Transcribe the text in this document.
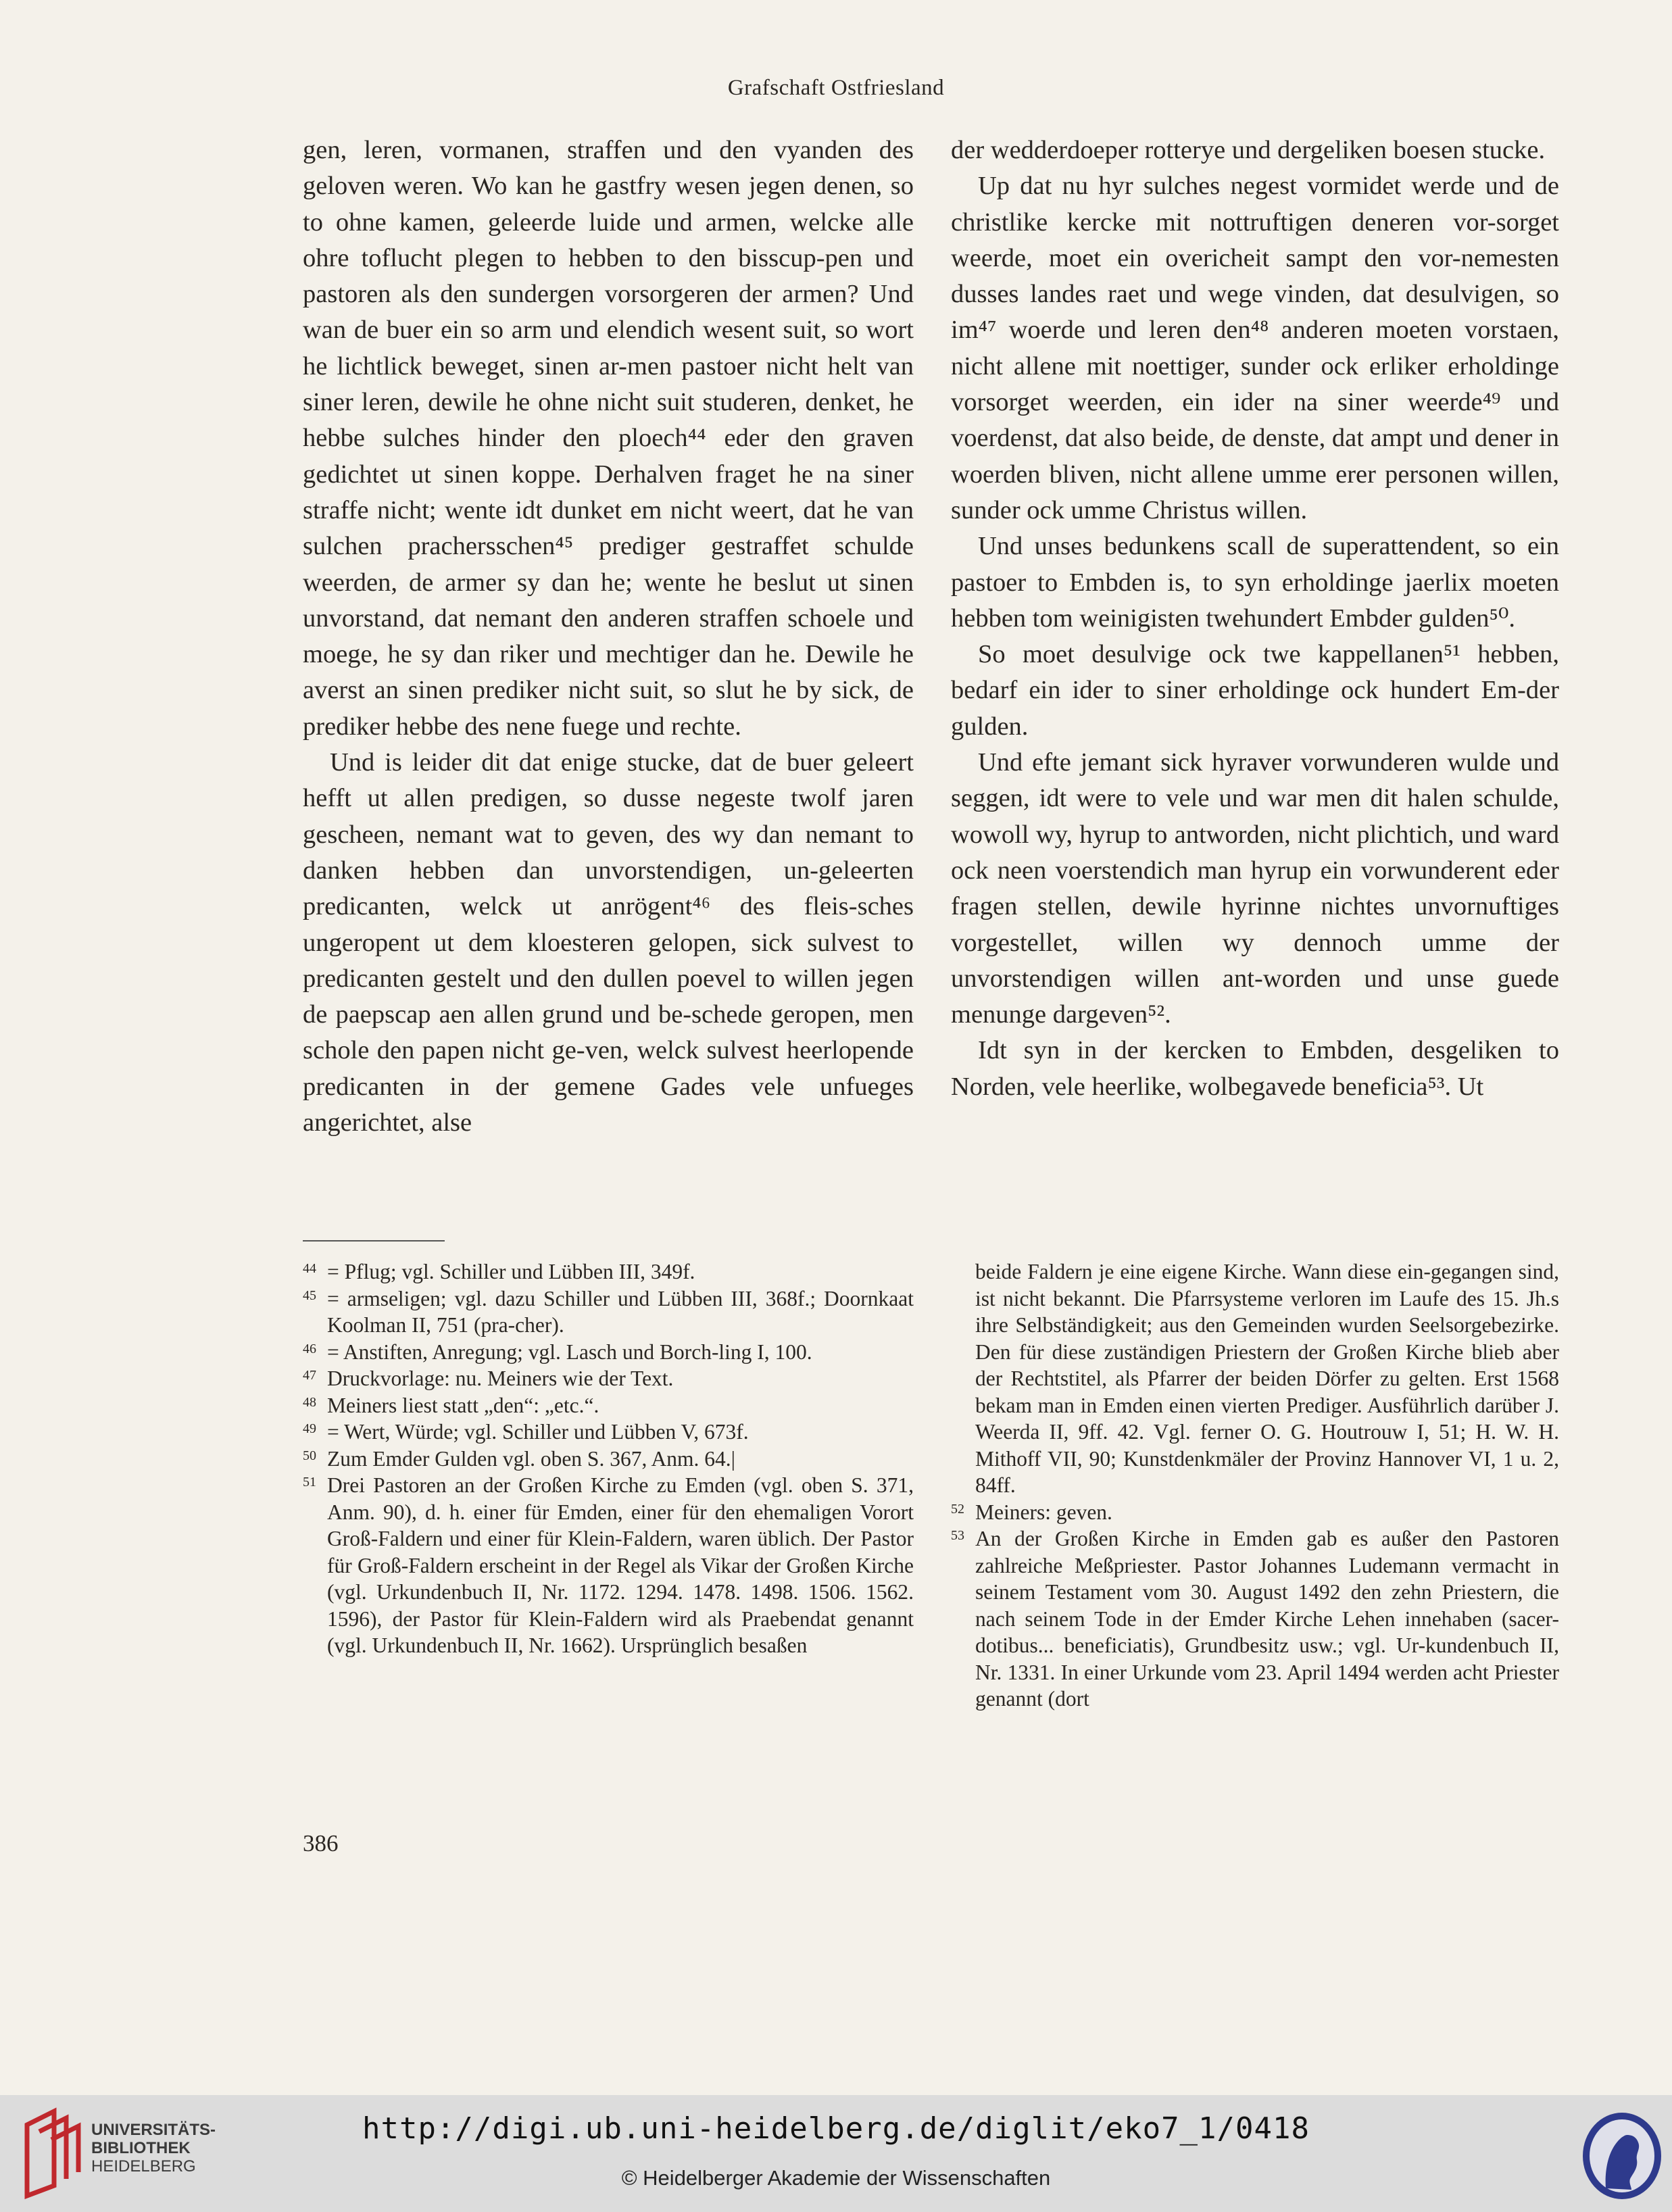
Grafschaft Ostfriesland

gen, leren, vormanen, straffen und den vyanden des geloven weren. Wo kan he gastfry wesen jegen denen, so to ohne kamen, geleerde luide und armen, welcke alle ohre toflucht plegen to hebben to den bisscup-pen und pastoren als den sundergen vorsorgeren der armen? Und wan de buer ein so arm und elendich wesent suit, so wort he lichtlick beweget, sinen ar-men pastoer nicht helt van siner leren, dewile he ohne nicht suit studeren, denket, he hebbe sulches hinder den ploech⁴⁴ eder den graven gedichtet ut sinen koppe. Derhalven fraget he na siner straffe nicht; wente idt dunket em nicht weert, dat he van sulchen prachersschen⁴⁵ prediger gestraffet schulde weerden, de armer sy dan he; wente he beslut ut sinen unvorstand, dat nemant den anderen straffen schoele und moege, he sy dan riker und mechtiger dan he. Dewile he averst an sinen prediker nicht suit, so slut he by sick, de prediker hebbe des nene fuege und rechte.

Und is leider dit dat enige stucke, dat de buer geleert hefft ut allen predigen, so dusse negeste twolf jaren gescheen, nemant wat to geven, des wy dan nemant to danken hebben dan unvorstendigen, un-geleerten predicanten, welck ut anrögent⁴⁶ des fleis-sches ungeropent ut dem kloesteren gelopen, sick sulvest to predicanten gestelt und den dullen poevel to willen jegen de paepscap aen allen grund und be-schede geropen, men schole den papen nicht ge-ven, welck sulvest heerlopende predicanten in der gemene Gades vele unfueges angerichtet, alse

der wedderdoeper rotterye und dergeliken boesen stucke.

Up dat nu hyr sulches negest vormidet werde und de christlike kercke mit nottruftigen deneren vor-sorget weerde, moet ein overicheit sampt den vor-nemesten dusses landes raet und wege vinden, dat desulvigen, so im⁴⁷ woerde und leren den⁴⁸ anderen moeten vorstaen, nicht allene mit noettiger, sunder ock erliker erholdinge vorsorget weerden, ein ider na siner weerde⁴⁹ und voerdenst, dat also beide, de denste, dat ampt und dener in woerden bliven, nicht allene umme erer personen willen, sunder ock umme Christus willen.

Und unses bedunkens scall de superattendent, so ein pastoer to Embden is, to syn erholdinge jaerlix moeten hebben tom weinigisten twehundert Embder gulden⁵⁰.

So moet desulvige ock twe kappellanen⁵¹ hebben, bedarf ein ider to siner erholdinge ock hundert Em-der gulden.

Und efte jemant sick hyraver vorwunderen wulde und seggen, idt were to vele und war men dit halen schulde, wowoll wy, hyrup to antworden, nicht plichtich, und ward ock neen voerstendich man hyrup ein vorwunderent eder fragen stellen, dewile hyrinne nichtes unvornuftiges vorgestellet, willen wy dennoch umme der unvorstendigen willen ant-worden und unse guede menunge dargeven⁵².

Idt syn in der kercken to Embden, desgeliken to Norden, vele heerlike, wolbegavede beneficia⁵³. Ut

44 = Pflug; vgl. Schiller und Lübben III, 349f.
45 = armseligen; vgl. dazu Schiller und Lübben III, 368f.; Doornkaat Koolman II, 751 (pra-cher).
46 = Anstiften, Anregung; vgl. Lasch und Borch-ling I, 100.
47 Druckvorlage: nu. Meiners wie der Text.
48 Meiners liest statt „den“: „etc.“.
49 = Wert, Würde; vgl. Schiller und Lübben V, 673f.
50 Zum Emder Gulden vgl. oben S. 367, Anm. 64.|
51 Drei Pastoren an der Großen Kirche zu Emden (vgl. oben S. 371, Anm. 90), d. h. einer für Emden, einer für den ehemaligen Vorort Groß-Faldern und einer für Klein-Faldern, waren üblich. Der Pastor für Groß-Faldern erscheint in der Regel als Vikar der Großen Kirche (vgl. Urkundenbuch II, Nr. 1172. 1294. 1478. 1498. 1506. 1562. 1596), der Pastor für Klein-Faldern wird als Praebendat genannt (vgl. Urkundenbuch II, Nr. 1662). Ursprünglich besaßen
beide Faldern je eine eigene Kirche. Wann diese ein-gegangen sind, ist nicht bekannt. Die Pfarrsysteme verloren im Laufe des 15. Jh.s ihre Selbständigkeit; aus den Gemeinden wurden Seelsorgebezirke. Den für diese zuständigen Priestern der Großen Kirche blieb aber der Rechtstitel, als Pfarrer der beiden Dörfer zu gelten. Erst 1568 bekam man in Emden einen vierten Prediger. Ausführlich darüber J. Weerda II, 9ff. 42. Vgl. ferner O. G. Houtrouw I, 51; H. W. H. Mithoff VII, 90; Kunstdenkmäler der Provinz Hannover VI, 1 u. 2, 84ff.
52 Meiners: geven.
53 An der Großen Kirche in Emden gab es außer den Pastoren zahlreiche Meßpriester. Pastor Johannes Ludemann vermacht in seinem Testament vom 30. August 1492 den zehn Priestern, die nach seinem Tode in der Emder Kirche Lehen innehaben (sacer-dotibus... beneficiatis), Grundbesitz usw.; vgl. Ur-kundenbuch II, Nr. 1331. In einer Urkunde vom 23. April 1494 werden acht Priester genannt (dort
386
UNIVERSITÄTS-
BIBLIOTHEK
HEIDELBERG
http://digi.ub.uni-heidelberg.de/diglit/eko7_1/0418
© Heidelberger Akademie der Wissenschaften
